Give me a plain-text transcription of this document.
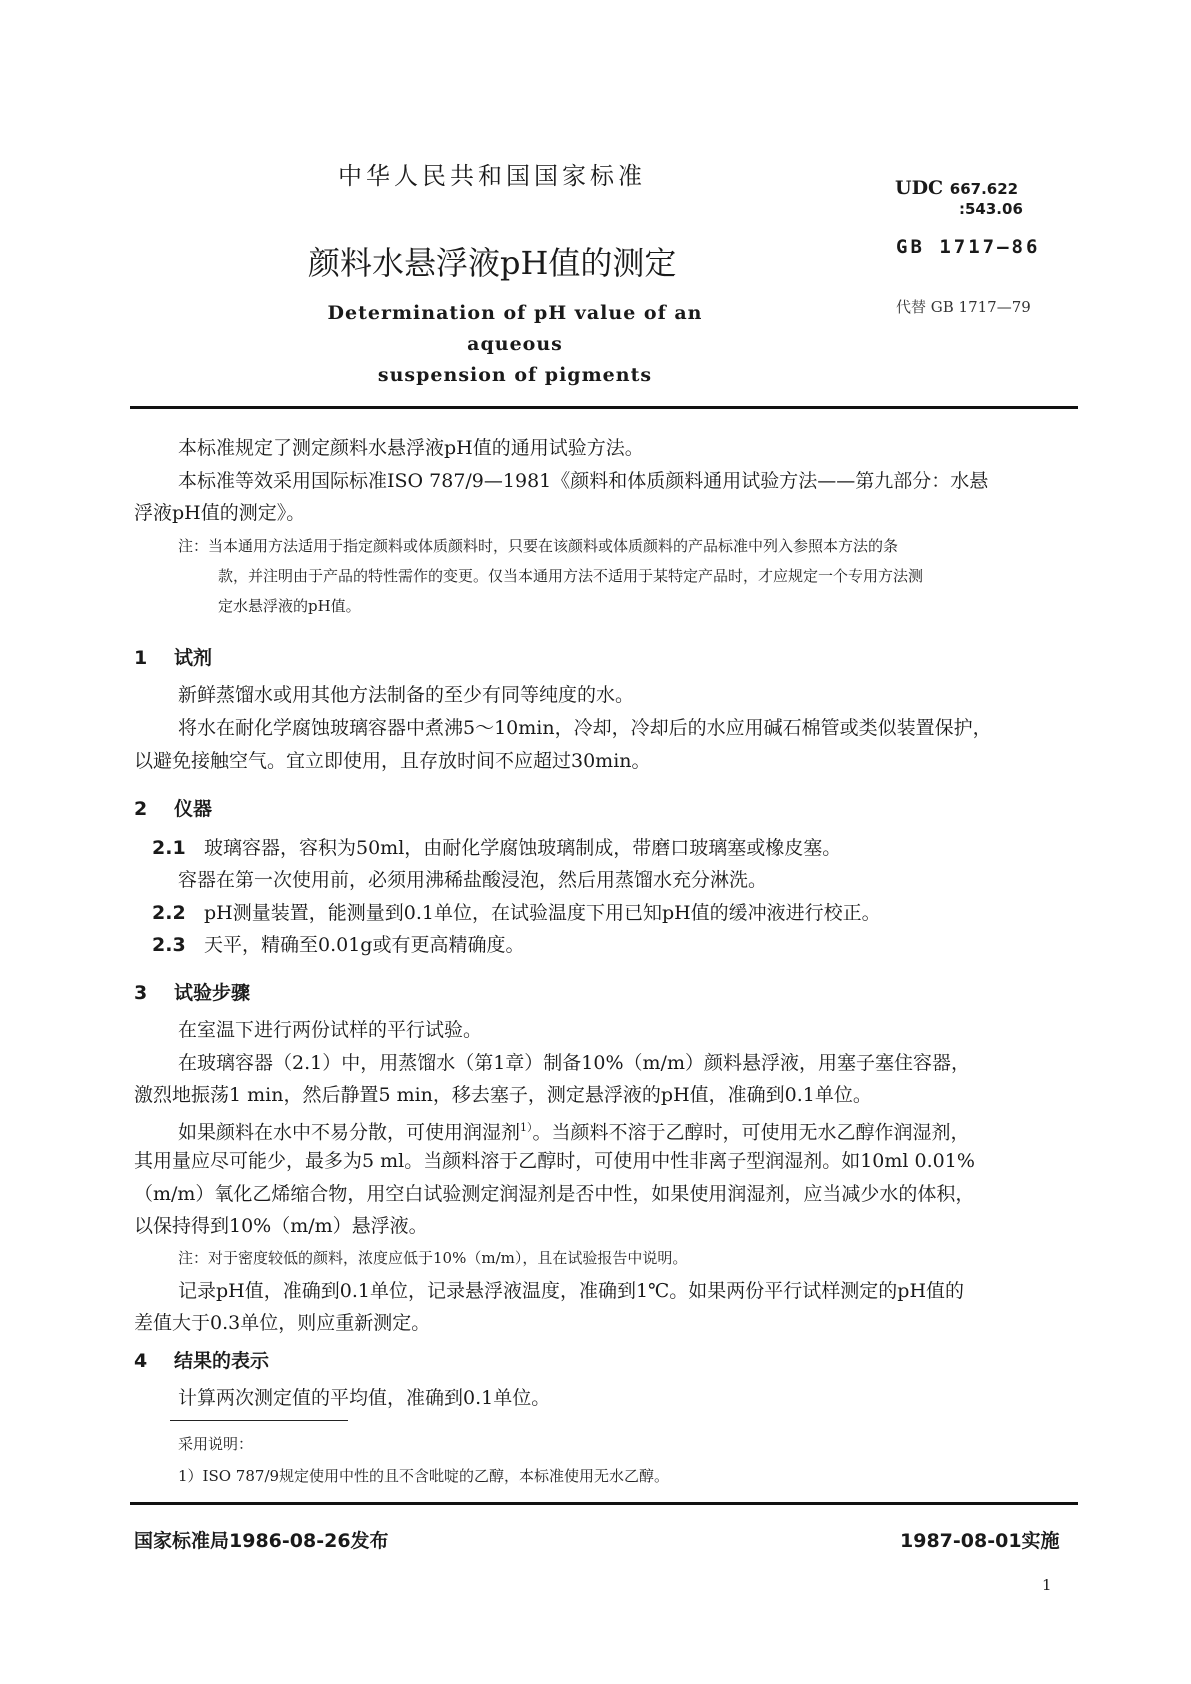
中华人民共和国国家标准	UDC 667.622
:543.06
颜料水悬浮液pH值的测定	GB 1717—86
Determination of pH value of an aqueous
suspension of pigments
代替 GB 1717—79
本标准规定了测定颜料水悬浮液pH值的通用试验方法。
本标准等效采用国际标准ISO 787/9—1981《颜料和体质颜料通用试验方法——第九部分：水悬
浮液pH值的测定》。
注：当本通用方法适用于指定颜料或体质颜料时，只要在该颜料或体质颜料的产品标准中列入参照本方法的条
款，并注明由于产品的特性需作的变更。仅当本通用方法不适用于某特定产品时，才应规定一个专用方法测
定水悬浮液的pH值。
1 试剂
新鲜蒸馏水或用其他方法制备的至少有同等纯度的水。
将水在耐化学腐蚀玻璃容器中煮沸5～10min，冷却，冷却后的水应用碱石棉管或类似装置保护，
以避免接触空气。宜立即使用，且存放时间不应超过30min。
2 仪器
2.1 玻璃容器，容积为50ml，由耐化学腐蚀玻璃制成，带磨口玻璃塞或橡皮塞。
容器在第一次使用前，必须用沸稀盐酸浸泡，然后用蒸馏水充分淋洗。
2.2 pH测量装置，能测量到0.1单位，在试验温度下用已知pH值的缓冲液进行校正。
2.3 天平，精确至0.01g或有更高精确度。
3 试验步骤
在室温下进行两份试样的平行试验。
在玻璃容器（2.1）中，用蒸馏水（第1章）制备10%（m/m）颜料悬浮液，用塞子塞住容器，
激烈地振荡1 min，然后静置5 min，移去塞子，测定悬浮液的pH值，准确到0.1单位。
如果颜料在水中不易分散，可使用润湿剂$^{1)}$。当颜料不溶于乙醇时，可使用无水乙醇作润湿剂，
其用量应尽可能少，最多为5 ml。当颜料溶于乙醇时，可使用中性非离子型润湿剂。如10ml 0.01%
（m/m）氧化乙烯缩合物，用空白试验测定润湿剂是否中性，如果使用润湿剂，应当减少水的体积，
以保持得到10%（m/m）悬浮液。
注：对于密度较低的颜料，浓度应低于10%（m/m），且在试验报告中说明。
记录pH值，准确到0.1单位，记录悬浮液温度，准确到1℃。如果两份平行试样测定的pH值的
差值大于0.3单位，则应重新测定。
4 结果的表示
计算两次测定值的平均值，准确到0.1单位。
采用说明：
1）ISO 787/9规定使用中性的且不含吡啶的乙醇，本标准使用无水乙醇。
国家标准局1986-08-26发布	1987-08-01实施
1
